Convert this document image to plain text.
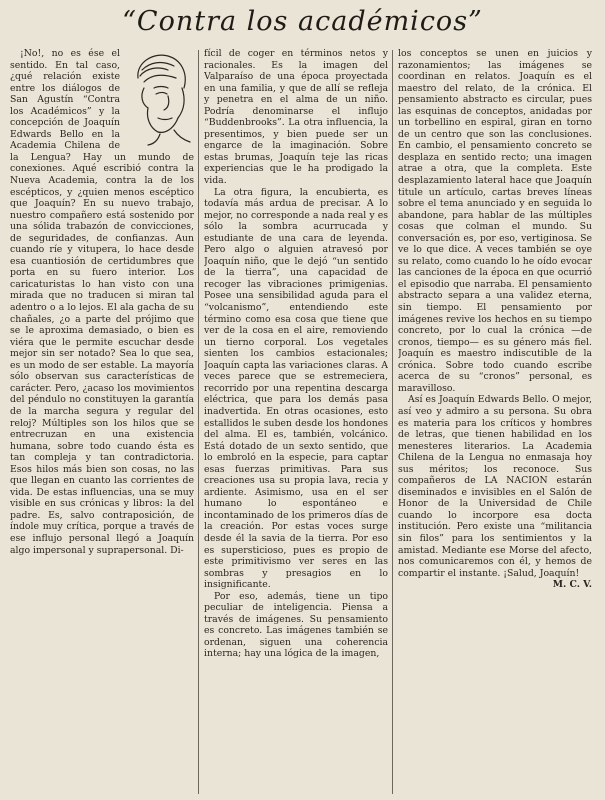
“Contra los académicos”

¡No!, no es ése el sentido. En tal caso, ¿qué relación existe entre los diálogos de San Agustín “Contra los Académicos” y la concepción de Joaquín Edwards Bello en la Academia Chilena de la Lengua? Hay un mundo de conexiones. Aqué escribió contra la Nueva Academia, contra la de los escépticos, y ¿quien menos escéptico que Joaquín? En su nuevo trabajo, nuestro compañero está sostenido por una sólida trabazón de convicciones, de seguridades, de confianzas. Aun cuando ríe y vitupera, lo hace desde esa cuantiosión de certidumbres que porta en su fuero interior. Los caricaturistas lo han visto con una mirada que no traducen si miran tal adentro o a lo lejos. El ala gacha de su chañales, ¿o a parte del prójimo que se le aproxima demasiado, o bien es viéra que le permite escuchar desde mejor sin ser notado? Sea lo que sea, es un modo de ser estable. La mayoría sólo observan sus características de carácter. Pero, ¿acaso los movimientos del péndulo no constituyen la garantía de la marcha segura y regular del reloj? Múltiples son los hilos que se entrecruzan en una existencia humana, sobre todo cuando ésta es tan compleja y tan contradictoria. Esos hilos más bien son cosas, no las que llegan en cuanto las corrientes de vida. De estas influencias, una se muy visible en sus crónicas y libros: la del padre. Es, salvo contraposición, de índole muy crítica, porque a través de ese influjo personal llegó a Joaquín algo impersonal y suprapersonal. Di-

fícil de coger en términos netos y racionales. Es la imagen del Valparaíso de una época proyectada en una familia, y que de allí se refleja y penetra en el alma de un niño. Podría denominarse el influjo “Buddenbrooks”. La otra influencia, la presentimos, y bien puede ser un engarce de la imaginación. Sobre estas brumas, Joaquín teje las ricas experiencias que le ha prodigado la vida.

La otra figura, la encubierta, es todavía más ardua de precisar. A lo mejor, no corresponde a nada real y es sólo la sombra acurrucada y estudiante de una cara de leyenda. Pero algo o alguien atravesó por Joaquín niño, que le dejó “un sentido de la tierra”, una capacidad de recoger las vibraciones primigenias. Posee una sensibilidad aguda para el “volcanismo”, entendiendo este término como esa cosa que tiene que ver de la cosa en el aire, removiendo un tierno corporal. Los vegetales sienten los cambios estacionales; Joaquín capta las variaciones claras. A veces parece que se estremeciera, recorrido por una repentina descarga eléctrica, que para los demás pasa inadvertida. En otras ocasiones, esto estallidos le suben desde los hondones del alma. El es, también, volcánico. Está dotado de un sexto sentido, que lo embroló en la especie, para captar esas fuerzas primitivas. Para sus creaciones usa su propia lava, recia y ardiente. Asimismo, usa en el ser humano lo espontáneo e incontaminado de los primeros días de la creación. Por estas voces surge desde él la savia de la tierra. Por eso es supersticioso, pues es propio de este primitivismo ver seres en las sombras y presagios en lo insignificante.

Por eso, además, tiene un tipo peculiar de inteligencia. Piensa a través de imágenes. Su pensamiento es concreto. Las imágenes también se ordenan, siguen una coherencia interna; hay una lógica de la imagen,

los conceptos se unen en juicios y razonamientos; las imágenes se coordinan en relatos. Joaquín es el maestro del relato, de la crónica. El pensamiento abstracto es circular, pues las esquinas de conceptos, anidadas por un torbellino en espiral, giran en torno de un centro que son las conclusiones. En cambio, el pensamiento concreto se desplaza en sentido recto; una imagen atrae a otra, que la completa. Este desplazamiento lateral hace que Joaquín titule un artículo, cartas breves líneas sobre el tema anunciado y en seguida lo abandone, para hablar de las múltiples cosas que colman el mundo. Su conversación es, por eso, vertiginosa. Se ve lo que dice. A veces también se oye su relato, como cuando lo he oído evocar las canciones de la época en que ocurrió el episodio que narraba. El pensamiento abstracto separa a una validez eterna, sin tiempo. El pensamiento por imágenes revive los hechos en su tiempo concreto, por lo cual la crónica —de cronos, tiempo— es su género más fiel. Joaquín es maestro indiscutible de la crónica. Sobre todo cuando escribe acerca de su “cronos” personal, es maravilloso.

Así es Joaquín Edwards Bello. O mejor, así veo y admiro a su persona. Su obra es materia para los críticos y hombres de letras, que tienen habilidad en los menesteres literarios. La Academia Chilena de la Lengua no enmasaja hoy sus méritos; los reconoce. Sus compañeros de LA NACION estarán diseminados e invisibles en el Salón de Honor de la Universidad de Chile cuando lo incorpore esa docta institución. Pero existe una “militancia sin filos” para los sentimientos y la amistad. Mediante ese Morse del afecto, nos comunicaremos con él, y hemos de compartir el instante. ¡Salud, Joaquín!

M. C. V.
